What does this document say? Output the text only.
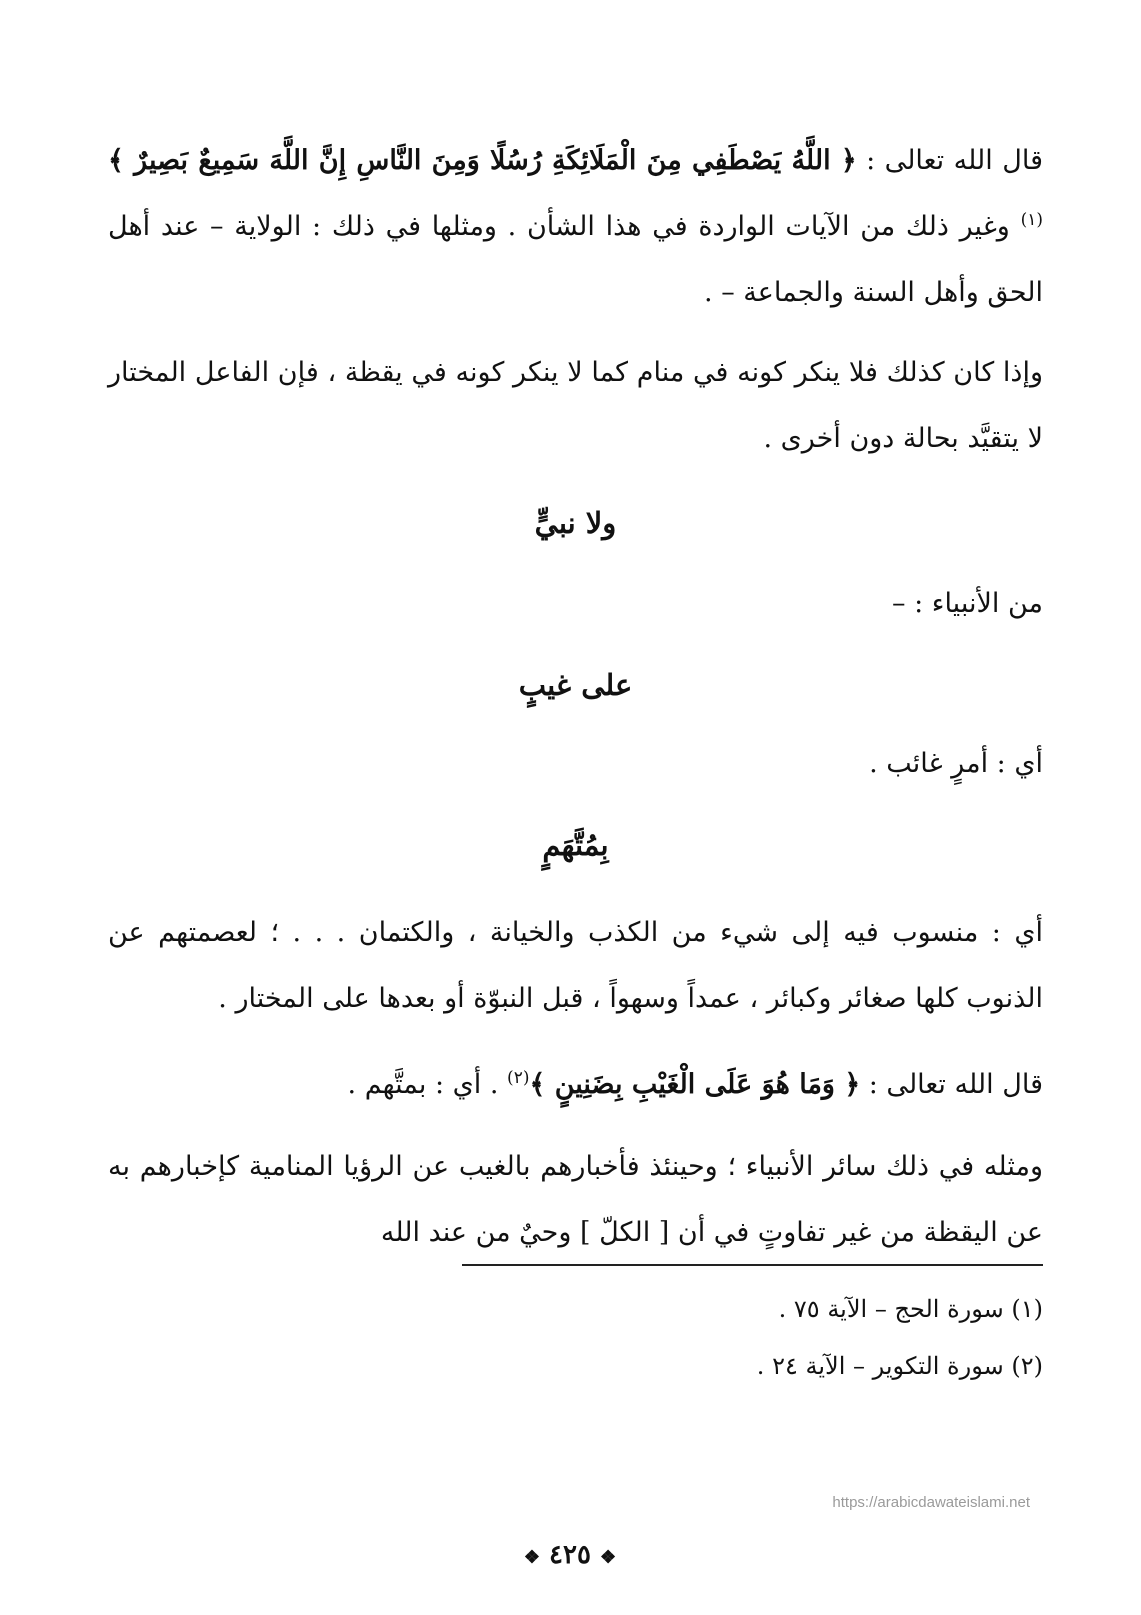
قال الله تعالى : ﴿ اللَّهُ يَصْطَفِي مِنَ الْمَلَائِكَةِ رُسُلًا وَمِنَ النَّاسِ إِنَّ اللَّهَ سَمِيعٌ بَصِيرٌ ﴾$^{(١)}$ وغير ذلك من الآيات الواردة في هذا الشأن . ومثلها في ذلك : الولاية – عند أهل الحق وأهل السنة والجماعة – .

وإذا كان كذلك فلا ينكر كونه في منام كما لا ينكر كونه في يقظة ، فإن الفاعل المختار لا يتقيَّد بحالة دون أخرى .

ولا نبيٍّ
من الأنبياء : –
على غيبٍ
أي : أمرٍ غائب .
بِمُتَّهَمٍ

أي : منسوب فيه إلى شيء من الكذب والخيانة ، والكتمان . . . ؛ لعصمتهم عن الذنوب كلها صغائر وكبائر ، عمداً وسهواً ، قبل النبوّة أو بعدها على المختار .

قال الله تعالى : ﴿ وَمَا هُوَ عَلَى الْغَيْبِ بِضَنِينٍ ﴾$^{(٢)}$ . أي : بمتَّهم .

ومثله في ذلك سائر الأنبياء ؛ وحينئذ فأخبارهم بالغيب عن الرؤيا المنامية كإخبارهم به عن اليقظة من غير تفاوتٍ في أن [ الكلّ ] وحيٌ من عند الله

(١) سورة الحج – الآية ٧٥ .
(٢) سورة التكوير – الآية ٢٤ .
https://arabicdawateislami.net
❖ ٤٢٥ ❖
